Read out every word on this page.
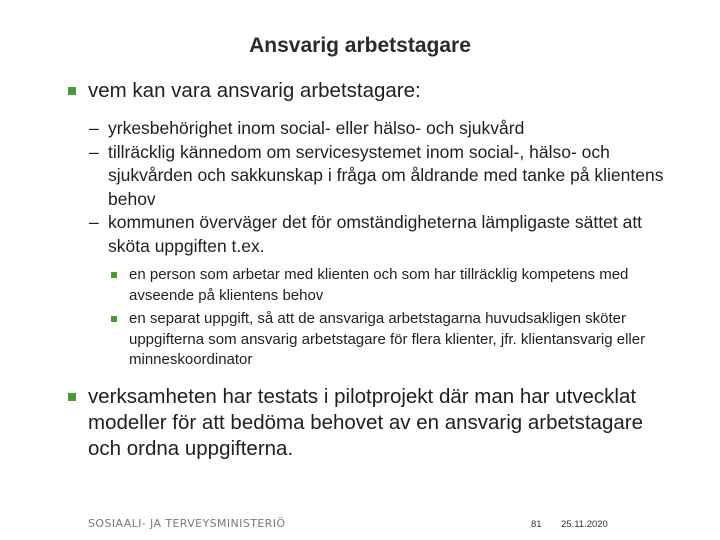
Ansvarig arbetstagare
vem kan vara ansvarig arbetstagare:
– yrkesbehörighet inom social- eller hälso- och sjukvård
– tillräcklig kännedom om servicesystemet inom social-, hälso- och sjukvården och sakkunskap i fråga om åldrande med tanke på klientens behov
– kommunen överväger det för omständigheterna lämpligaste sättet att sköta uppgiften t.ex.
en person som arbetar med klienten och som har tillräcklig kompetens med avseende på klientens behov
en separat uppgift, så att de ansvariga arbetstagarna huvudsakligen sköter uppgifterna som ansvarig arbetstagare för flera klienter, jfr. klientansvarig eller minneskoordinator
verksamheten har testats i pilotprojekt där man har utvecklat modeller för att bedöma behovet av en ansvarig arbetstagare och ordna uppgifterna.
SOSIAALI- JA TERVEYSMINISTERIÖ	81 25.11.2020
